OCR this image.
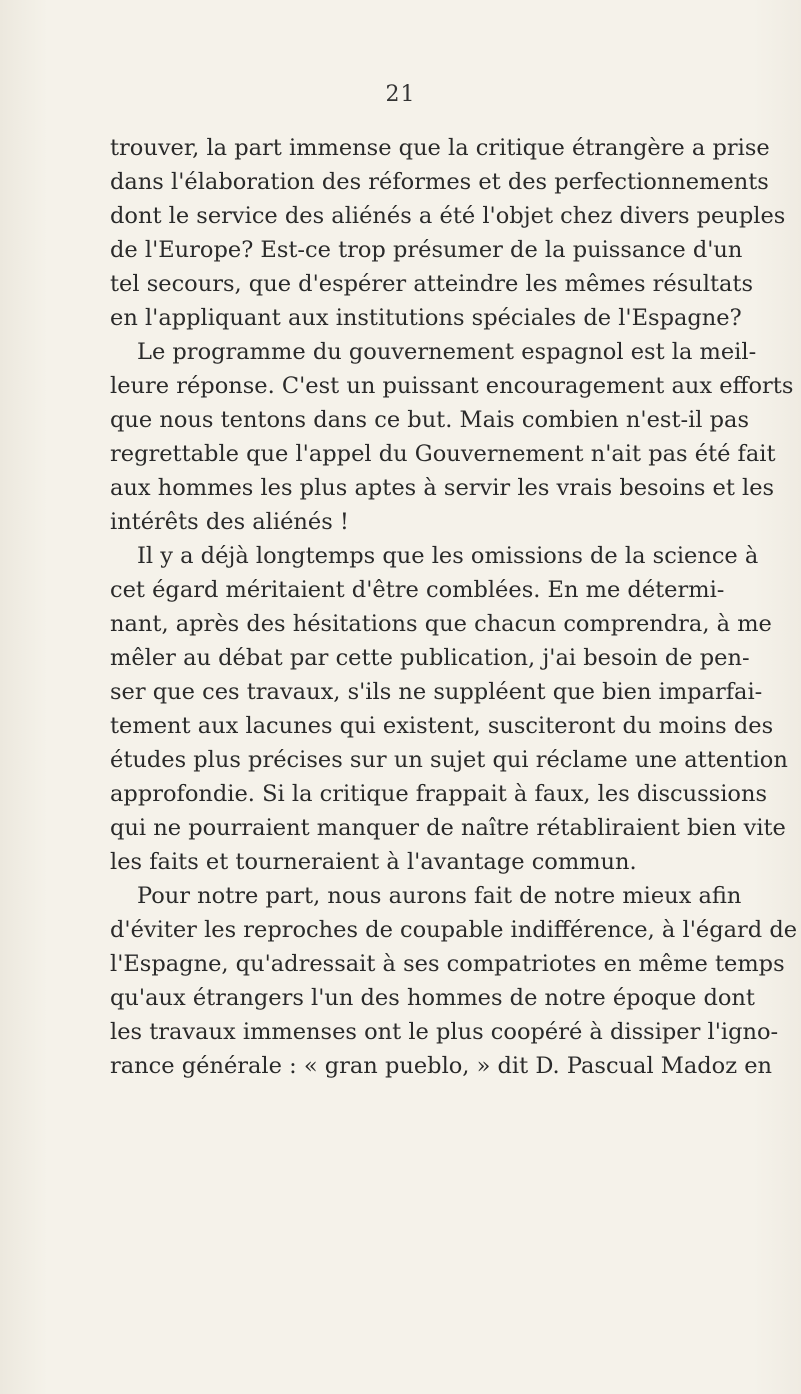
21
trouver, la part immense que la critique étrangère a prise
dans l'élaboration des réformes et des perfectionnements
dont le service des aliénés a été l'objet chez divers peuples
de l'Europe? Est-ce trop présumer de la puissance d'un
tel secours, que d'espérer atteindre les mêmes résultats
en l'appliquant aux institutions spéciales de l'Espagne?
Le programme du gouvernement espagnol est la meil-
leure réponse. C'est un puissant encouragement aux efforts
que nous tentons dans ce but. Mais combien n'est-il pas
regrettable que l'appel du Gouvernement n'ait pas été fait
aux hommes les plus aptes à servir les vrais besoins et les
intérêts des aliénés !
Il y a déjà longtemps que les omissions de la science à
cet égard méritaient d'être comblées. En me détermi-
nant, après des hésitations que chacun comprendra, à me
mêler au débat par cette publication, j'ai besoin de pen-
ser que ces travaux, s'ils ne suppléent que bien imparfai-
tement aux lacunes qui existent, susciteront du moins des
études plus précises sur un sujet qui réclame une attention
approfondie. Si la critique frappait à faux, les discussions
qui ne pourraient manquer de naître rétabliraient bien vite
les faits et tourneraient à l'avantage commun.
Pour notre part, nous aurons fait de notre mieux afin
d'éviter les reproches de coupable indifférence, à l'égard de
l'Espagne, qu'adressait à ses compatriotes en même temps
qu'aux étrangers l'un des hommes de notre époque dont
les travaux immenses ont le plus coopéré à dissiper l'igno-
rance générale : « gran pueblo, » dit D. Pascual Madoz en
